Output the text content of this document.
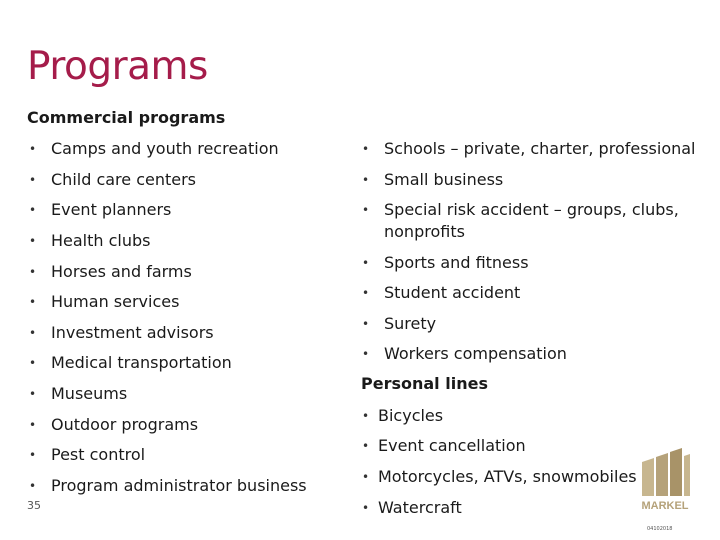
Programs
Commercial programs
• Camps and youth recreation
• Child care centers
• Event planners
• Health clubs
• Horses and farms
• Human services
• Investment advisors
• Medical transportation
• Museums
• Outdoor programs
• Pest control
• Program administrator business
• Schools – private, charter, professional
• Small business
• Special risk accident – groups, clubs,
nonprofits
• Sports and fitness
• Student accident
• Surety
• Workers compensation
Personal lines
• Bicycles
• Event cancellation
• Motorcycles, ATVs, snowmobiles
• Watercraft
35
04102018
MARKEL
